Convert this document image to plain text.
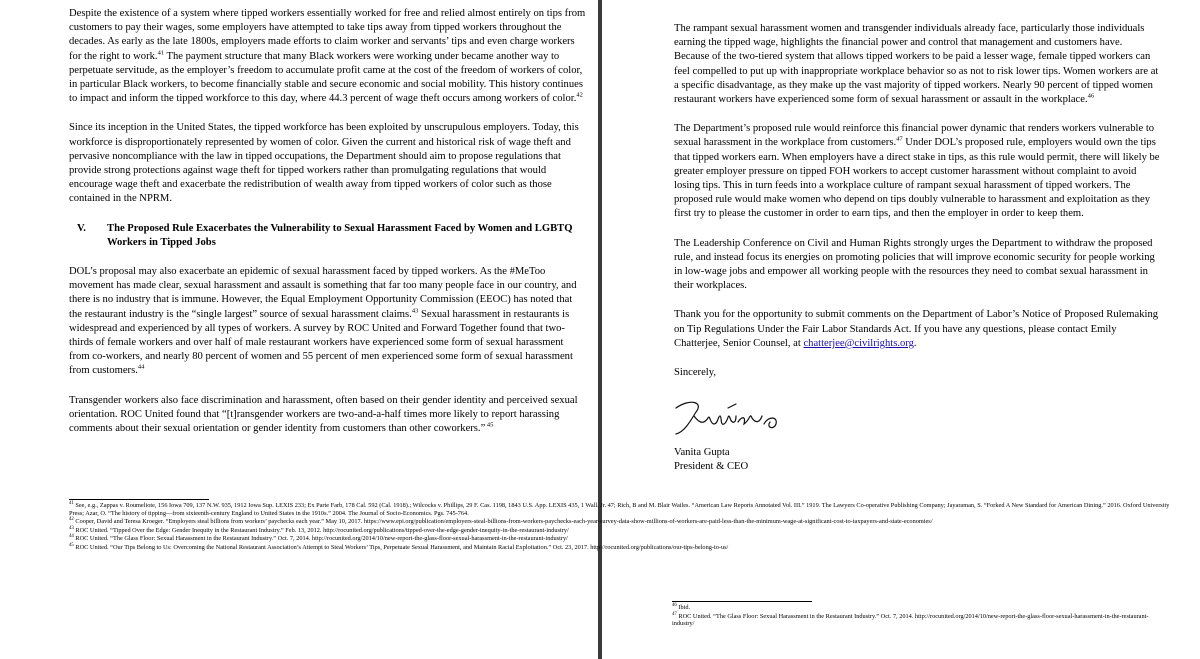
Despite the existence of a system where tipped workers essentially worked for free and relied almost entirely on tips from customers to pay their wages, some employers have attempted to take tips away from tipped workers throughout the decades. As early as the late 1800s, employers made efforts to claim worker and servants’ tips and even charge workers for the right to work.$^{41}$ The payment structure that many Black workers were working under became another way to perpetuate servitude, as the employer’s freedom to accumulate profit came at the cost of the freedom of workers of color, in particular Black workers, to become financially stable and secure economic and social mobility. This history continues to impact and inform the tipped workforce to this day, where 44.3 percent of wage theft occurs among workers of color.$^{42}$

Since its inception in the United States, the tipped workforce has been exploited by unscrupulous employers. Today, this workforce is disproportionately represented by women of color. Given the current and historical risk of wage theft and pervasive noncompliance with the law in tipped occupations, the Department should aim to propose regulations that provide strong protections against wage theft for tipped workers rather than promulgating regulations that would encourage wage theft and exacerbate the redistribution of wealth away from tipped workers of color such as those contained in the NPRM.

V.	The Proposed Rule Exacerbates the Vulnerability to Sexual Harassment Faced by Women and LGBTQ Workers in Tipped Jobs

DOL’s proposal may also exacerbate an epidemic of sexual harassment faced by tipped workers. As the #MeToo movement has made clear, sexual harassment and assault is something that far too many people face in our country, and there is no industry that is immune. However, the Equal Employment Opportunity Commission (EEOC) has noted that the restaurant industry is the “single largest” source of sexual harassment claims.$^{43}$ Sexual harassment in restaurants is widespread and experienced by all types of workers. A survey by ROC United and Forward Together found that two-thirds of female workers and over half of male restaurant workers have experienced some form of sexual harassment from co-workers, and nearly 80 percent of women and 55 percent of men experienced some form of sexual harassment from customers.$^{44}$

Transgender workers also face discrimination and harassment, often based on their gender identity and perceived sexual orientation. ROC United found that “[t]ransgender workers are two-and-a-half times more likely to report harassing comments about their sexual orientation or gender identity from customers than other coworkers.” $^{45}$

$^{41}$ See, e.g., Zappas v. Roumeliote, 156 Iowa 709, 137 N.W. 935, 1912 Iowa Sup. LEXIS 233; Ex Parte Farb, 178 Cal. 592 (Cal. 1918).; Wilcocks v. Phillips, 29 F. Cas. 1198, 1843 U.S. App. LEXIS 435, 1 Wall. Jr. 47; Rich, B and M. Blair Wailes. “American Law Reports Annotated Vol. III.” 1919. The Lawyers Co-operative Publishing Company; Jayaraman, S. “Forked A New Standard for American Dining.” 2016. Oxford University Press; Azar, O. “The history of tipping—from sixteenth-century England to United States in the 1910s.” 2004. The Journal of Socio-Economics. Pgs. 745-764.

$^{42}$ Cooper, David and Teresa Kroeger. “Employers steal billions from workers’ paychecks each year.” May 10, 2017. https://www.epi.org/publication/employers-steal-billions-from-workers-paychecks-each-year-survey-data-show-millions-of-workers-are-paid-less-than-the-minimum-wage-at-significant-cost-to-taxpayers-and-state-economies/

$^{43}$ ROC United. “Tipped Over the Edge: Gender Inequity in the Restaurant Industry.” Feb. 13, 2012. http://rocunited.org/publications/tipped-over-the-edge-gender-inequity-in-the-restaurant-industry/

$^{44}$ ROC United. “The Glass Floor: Sexual Harassment in the Restaurant Industry.” Oct. 7, 2014. http://rocunited.org/2014/10/new-report-the-glass-floor-sexual-harassment-in-the-restaurant-industry/

$^{45}$ ROC United. “Our Tips Belong to Us: Overcoming the National Restaurant Association’s Attempt to Steal Workers’ Tips, Perpetuate Sexual Harassment, and Maintain Racial Exploitation.” Oct. 23, 2017. http://rocunited.org/publications/our-tips-belong-to-us/

The rampant sexual harassment women and transgender individuals already face, particularly those individuals earning the tipped wage, highlights the financial power and control that management and customers have. Because of the two-tiered system that allows tipped workers to be paid a lesser wage, female tipped workers can feel compelled to put up with inappropriate workplace behavior so as not to risk lower tips. Women workers are at a specific disadvantage, as they make up the vast majority of tipped workers. Nearly 90 percent of tipped women restaurant workers have experienced some form of sexual harassment or assault in the workplace.$^{46}$

The Department’s proposed rule would reinforce this financial power dynamic that renders workers vulnerable to sexual harassment in the workplace from customers.$^{47}$ Under DOL’s proposed rule, employers would own the tips that tipped workers earn. When employers have a direct stake in tips, as this rule would permit, there will likely be greater employer pressure on tipped FOH workers to accept customer harassment without complaint to avoid losing tips. This in turn feeds into a workplace culture of rampant sexual harassment of tipped workers. The proposed rule would make women who depend on tips doubly vulnerable to harassment and exploitation as they first try to please the customer in order to earn tips, and then the employer in order to keep them.

The Leadership Conference on Civil and Human Rights strongly urges the Department to withdraw the proposed rule, and instead focus its energies on promoting policies that will improve economic security for people working in low-wage jobs and empower all working people with the resources they need to combat sexual harassment in their workplaces.

Thank you for the opportunity to submit comments on the Department of Labor’s Notice of Proposed Rulemaking on Tip Regulations Under the Fair Labor Standards Act. If you have any questions, please contact Emily Chatterjee, Senior Counsel, at chatterjee@civilrights.org.

Sincerely,

Vanita Gupta

President & CEO

$^{46}$ Ibid.

$^{47}$ ROC United. “The Glass Floor: Sexual Harassment in the Restaurant Industry.” Oct. 7, 2014. http://rocunited.org/2014/10/new-report-the-glass-floor-sexual-harassment-in-the-restaurant-industry/
